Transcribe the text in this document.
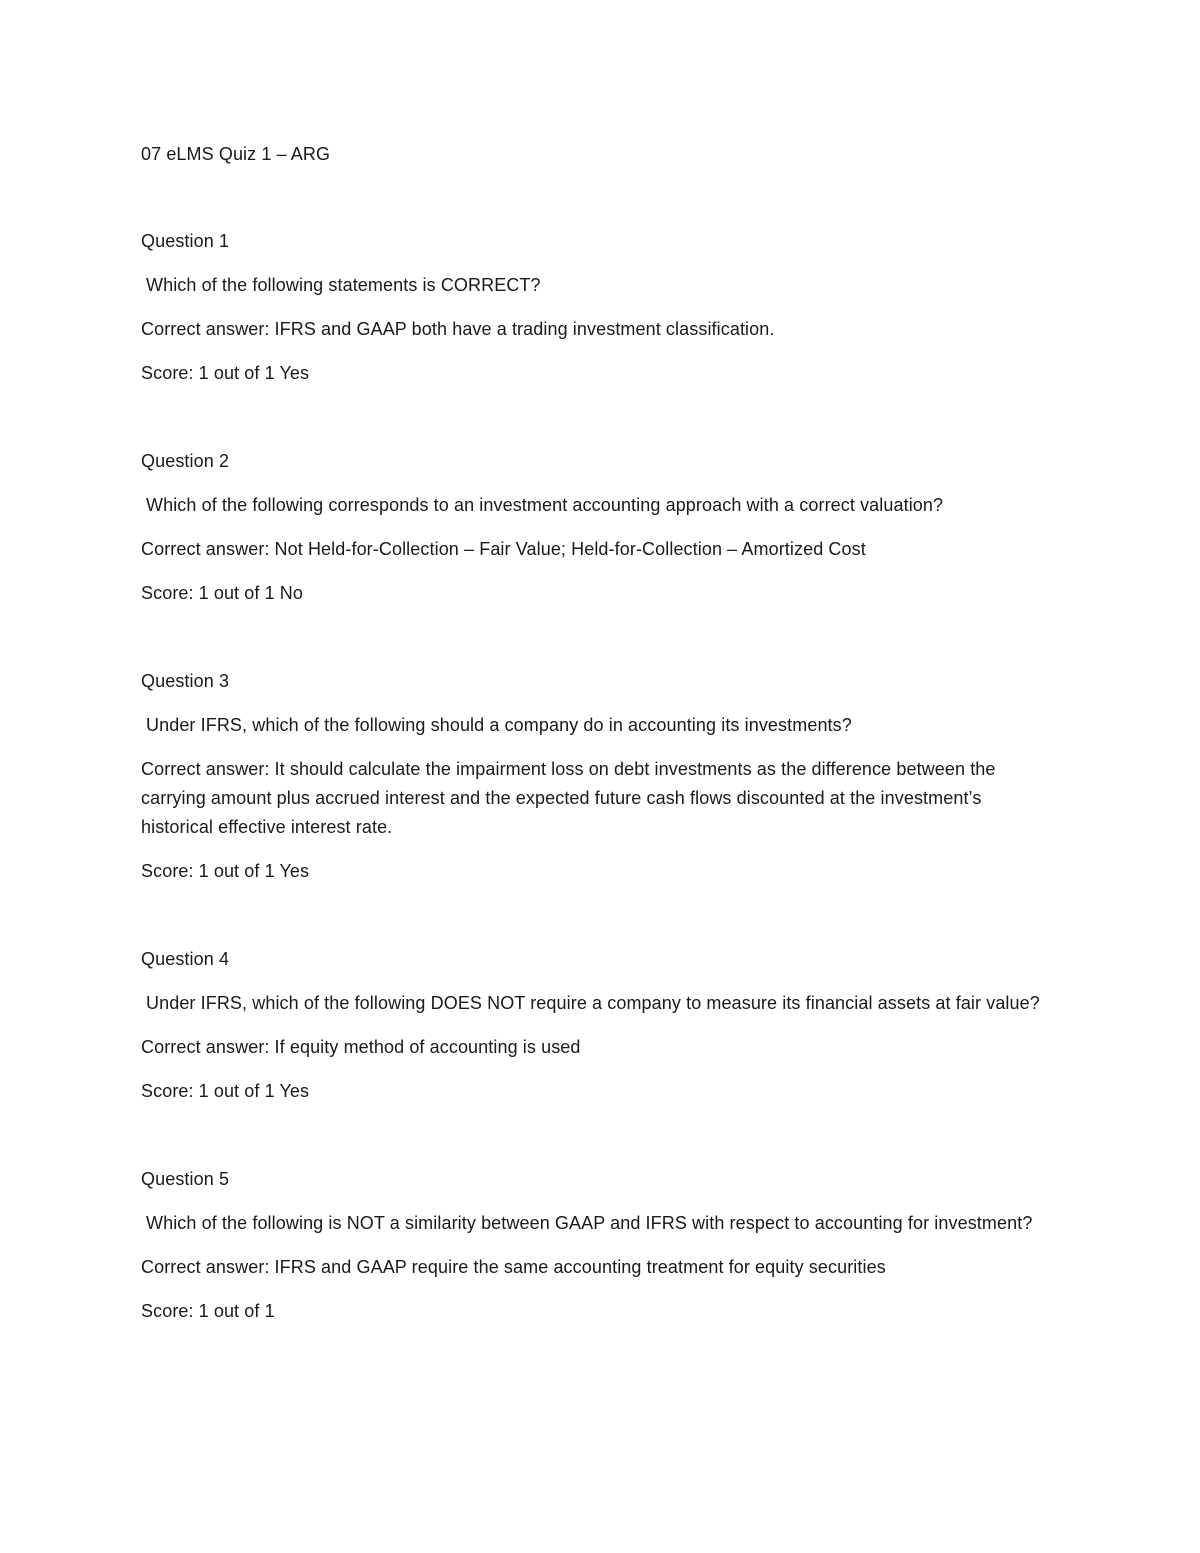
07 eLMS Quiz 1 – ARG
Question 1

Which of the following statements is CORRECT?

Correct answer: IFRS and GAAP both have a trading investment classification.

Score: 1 out of 1 Yes

Question 2

Which of the following corresponds to an investment accounting approach with a correct valuation?

Correct answer: Not Held-for-Collection – Fair Value; Held-for-Collection – Amortized Cost

Score: 1 out of 1 No

Question 3

Under IFRS, which of the following should a company do in accounting its investments?

Correct answer: It should calculate the impairment loss on debt investments as the difference between the carrying amount plus accrued interest and the expected future cash flows discounted at the investment’s historical effective interest rate.

Score: 1 out of 1 Yes

Question 4

Under IFRS, which of the following DOES NOT require a company to measure its financial assets at fair value?

Correct answer: If equity method of accounting is used

Score: 1 out of 1 Yes

Question 5

Which of the following is NOT a similarity between GAAP and IFRS with respect to accounting for investment?

Correct answer: IFRS and GAAP require the same accounting treatment for equity securities

Score: 1 out of 1
